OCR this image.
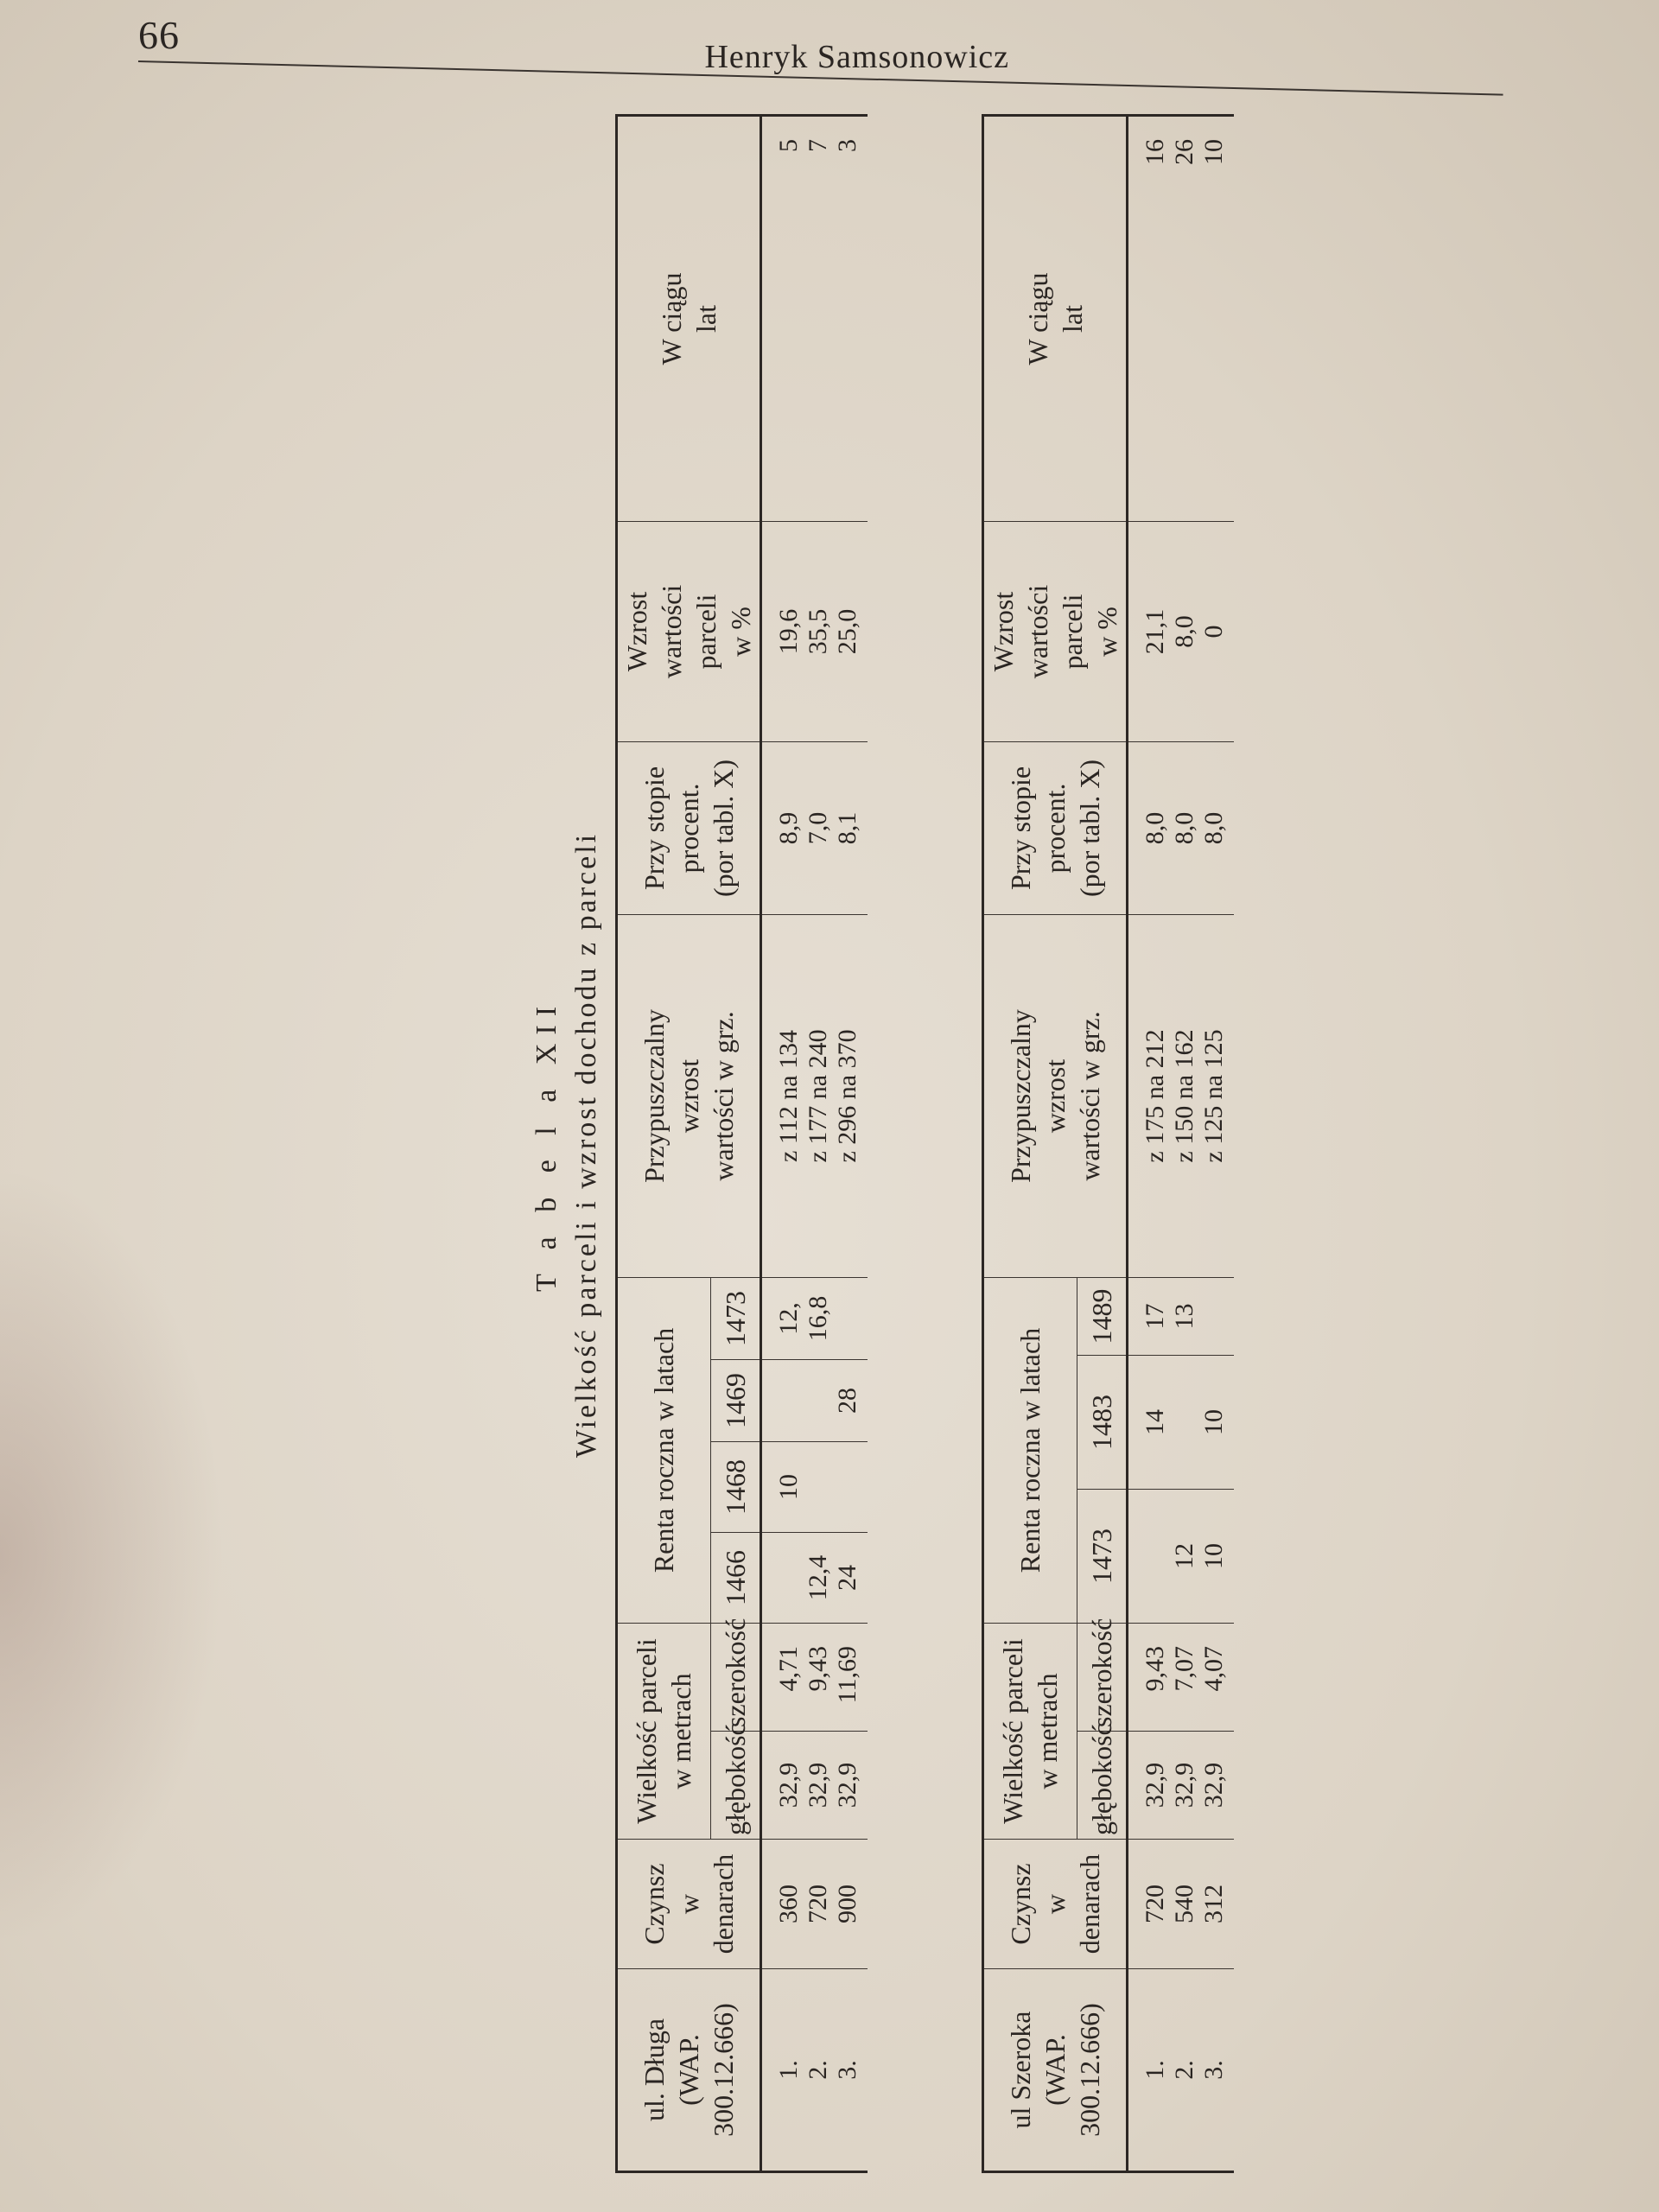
66	Henryk Samsonowicz
T a b e l a XII Wielkość parceli i wzrost dochodu z parceli
ul. Długa (WAP. 300.12.666)	Czynsz w denarach	Wielkość parceli w metrach		Renta roczna w latach				Przypuszczalny wzrost wartości w grz.	Przy stopie procent. (por tabl. X)	Wzrost wartości parceli w %	W ciągu lat

		głębokość	szerokość	1466	1468	1469	1473				
1.	360	32,9	4,71		10		12,	z 112 na 134	8,9	19,6	5
2.	720	32,9	9,43	12,4			16,8	z 177 na 240	7,0	35,5	7
3.	900	32,9	11,69	24		28		z 296 na 370	8,1	25,0	3
ul Szeroka (WAP. 300.12.666)	Czynsz w denarach	Wielkość parceli w metrach		Renta roczna w latach			Przypuszczalny wzrost wartości w grz.	Przy stopie procent. (por tabl. X)	Wzrost wartości parceli w %	W ciągu lat

		głębokość	szerokość	1473	1483	1489				
1.	720	32,9	9,43		14	17	z 175 na 212	8,0	21,1	16
2.	540	32,9	7,07	12		13	z 150 na 162	8,0	8,0	26
3.	312	32,9	4,07	10	10		z 125 na 125	8,0	0	10
